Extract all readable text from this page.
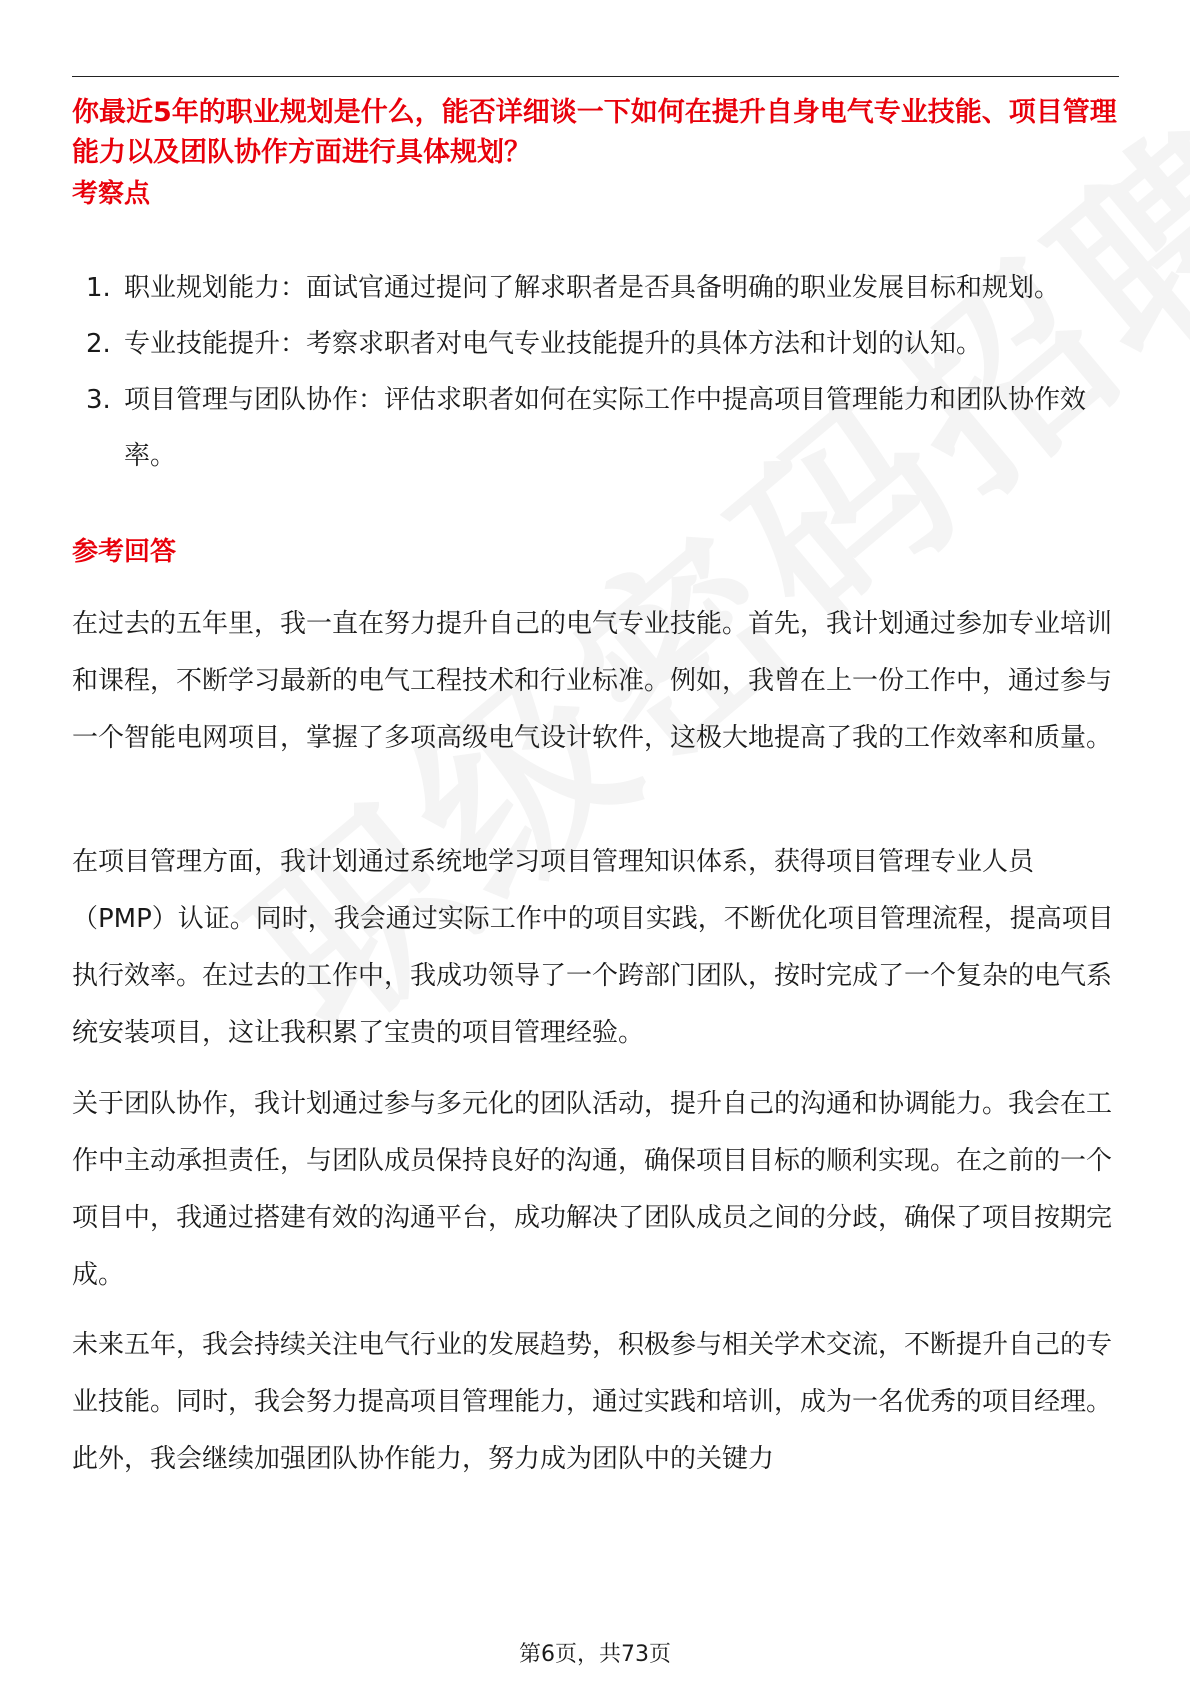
你最近5年的职业规划是什么，能否详细谈一下如何在提升自身电气专业技能、项目管理能力以及团队协作方面进行具体规划？
考察点
1. 职业规划能力：面试官通过提问了解求职者是否具备明确的职业发展目标和规划。
2. 专业技能提升：考察求职者对电气专业技能提升的具体方法和计划的认知。
3. 项目管理与团队协作：评估求职者如何在实际工作中提高项目管理能力和团队协作效率。
参考回答

在过去的五年里，我一直在努力提升自己的电气专业技能。首先，我计划通过参加专业培训和课程，不断学习最新的电气工程技术和行业标准。例如，我曾在上一份工作中，通过参与一个智能电网项目，掌握了多项高级电气设计软件，这极大地提高了我的工作效率和质量。

在项目管理方面，我计划通过系统地学习项目管理知识体系，获得项目管理专业人员（PMP）认证。同时，我会通过实际工作中的项目实践，不断优化项目管理流程，提高项目执行效率。在过去的工作中，我成功领导了一个跨部门团队，按时完成了一个复杂的电气系统安装项目，这让我积累了宝贵的项目管理经验。

关于团队协作，我计划通过参与多元化的团队活动，提升自己的沟通和协调能力。我会在工作中主动承担责任，与团队成员保持良好的沟通，确保项目目标的顺利实现。在之前的一个项目中，我通过搭建有效的沟通平台，成功解决了团队成员之间的分歧，确保了项目按期完成。

未来五年，我会持续关注电气行业的发展趋势，积极参与相关学术交流，不断提升自己的专业技能。同时，我会努力提高项目管理能力，通过实践和培训，成为一名优秀的项目经理。此外，我会继续加强团队协作能力，努力成为团队中的关键力

第6页，共73页
